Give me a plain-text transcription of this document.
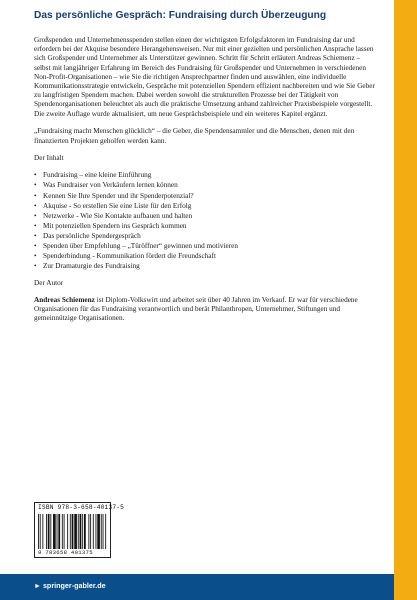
Das persönliche Gespräch: Fundraising durch Überzeugung

Großspenden und Unternehmensspenden stellen einen der wichtigsten Erfolgsfaktoren im Fundraising dar und erfordern bei der Akquise besondere Herangehensweisen. Nur mit einer gezielten und persönlichen Ansprache lassen sich Großspender und Unternehmer als Unterstützer gewinnen. Schritt für Schritt erläutert Andreas Schiemenz – selbst mit langjähriger Erfahrung im Bereich des Fundraising für Großspender und Unternehmen in verschiedenen Non-Profit-Organisationen – wie Sie die richtigen Ansprechpartner finden und auswählen, eine individuelle Kommunikationsstrategie entwickeln, Gespräche mit potenziellen Spendern effizient nachbereiten und wie Sie Geber zu langfristigen Spendern machen. Dabei werden sowohl die strukturellen Prozesse bei der Tätigkeit von Spendenorganisationen beleuchtet als auch die praktische Umsetzung anhand zahlreicher Praxisbeispiele vorgestellt. Die zweite Auflage wurde aktualisiert, um neue Gesprächsbeispiele und ein weiteres Kapitel ergänzt.

„Fundraising macht Menschen glücklich“ – die Geber, die Spendensammler und die Menschen, denen mit den finanzierten Projekten geholfen werden kann.

Der Inhalt

• Fundraising – eine kleine Einführung
• Was Fundraiser von Verkäufern lernen können
• Kennen Sie Ihre Spender und ihr Spenderpotenzial?
• Akquise - So erstellen Sie eine Liste für den Erfolg
• Netzwerke - Wie Sie Kontakte aufbauen und halten
• Mit potenziellen Spendern ins Gespräch kommen
• Das persönliche Spendergespräch
• Spenden über Empfehlung – „Türöffner“ gewinnen und motivieren
• Spenderbindung - Kommunikation fördert die Freundschaft
• Zur Dramaturgie des Fundraising

Der Autor

Andreas Schiemenz ist Diplom-Volkswirt und arbeitet seit über 40 Jahren im Verkauf. Er war für verschiedene Organisationen für das Fundraising verantwortlich und berät Philanthropen, Unternehmer, Stiftungen und gemeinnützige Organisationen.

ISBN 978-3-658-40137-5
9 783658 401375
► springer-gabler.de
